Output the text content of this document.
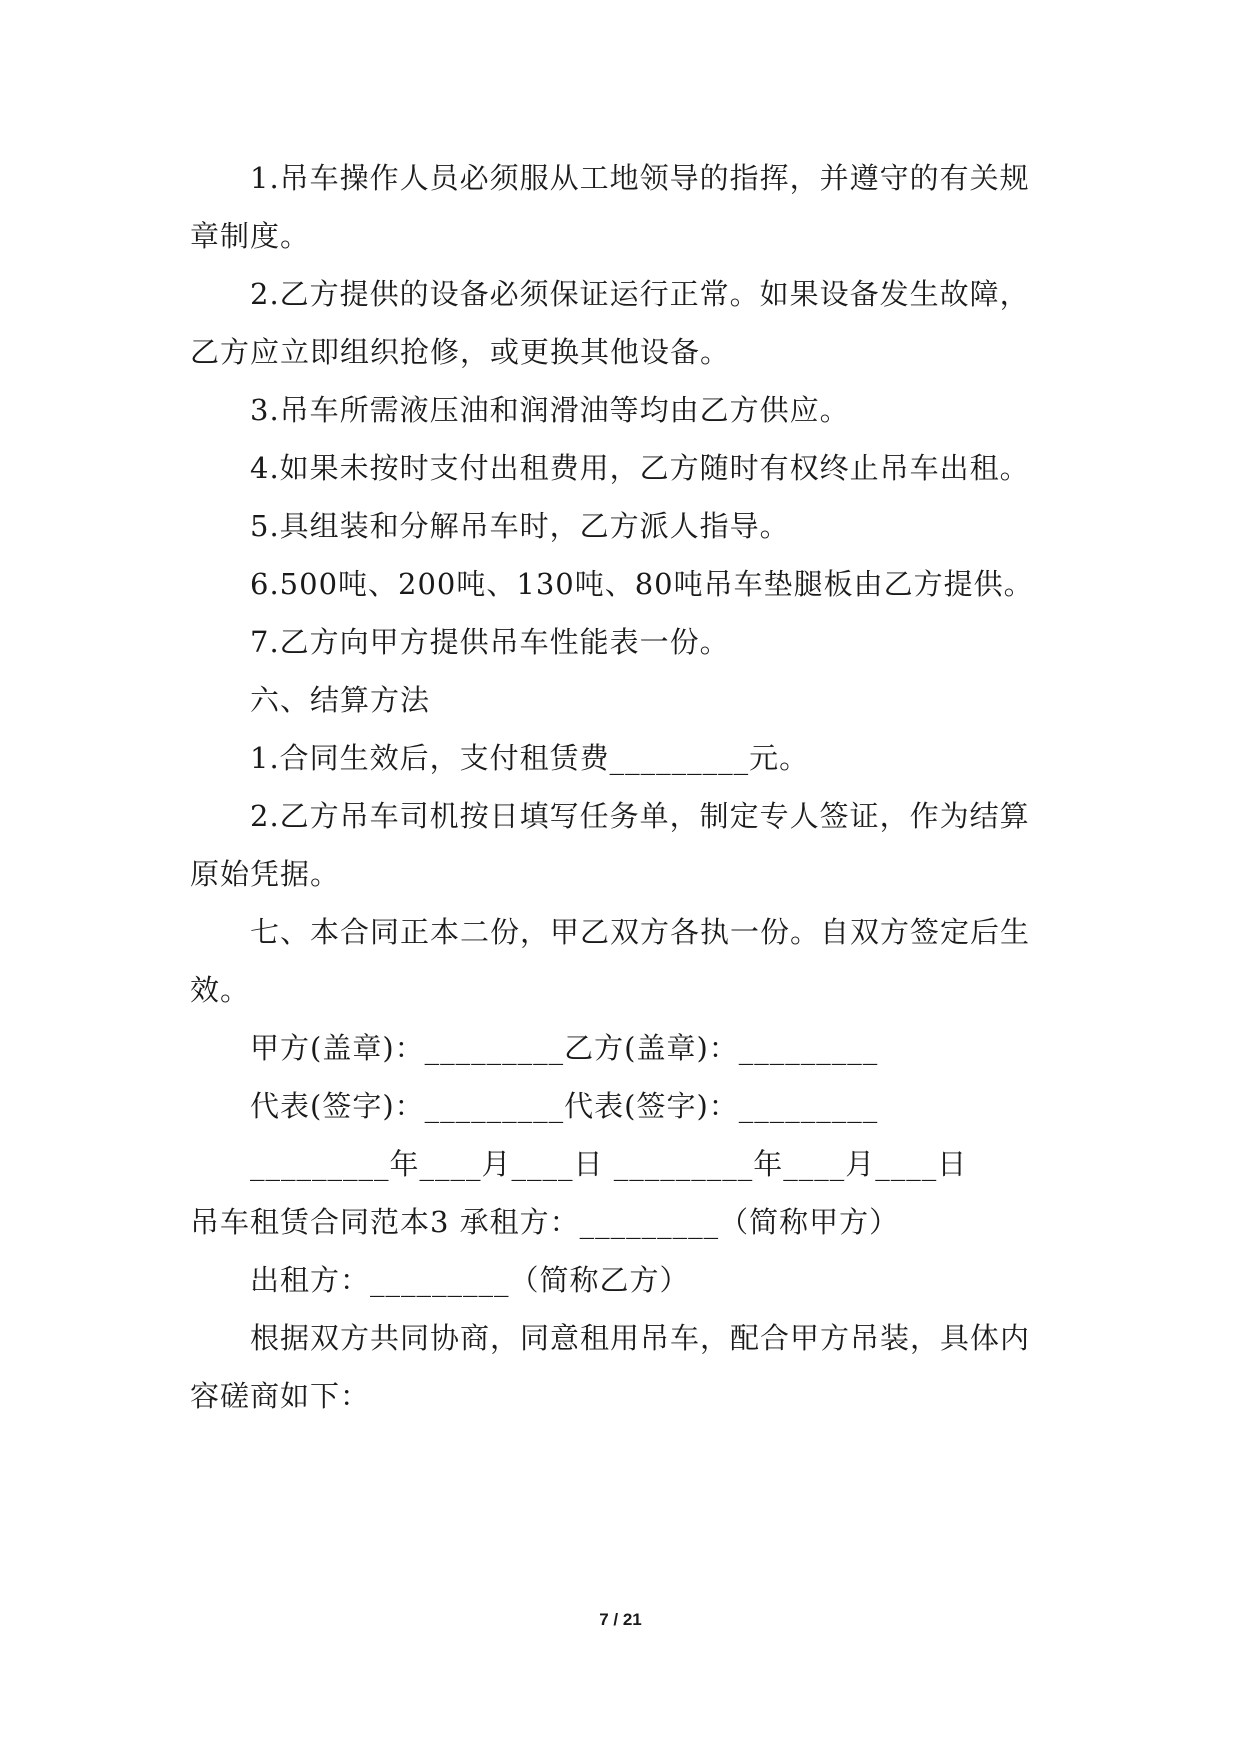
1.吊车操作人员必须服从工地领导的指挥，并遵守的有关规
章制度。
2.乙方提供的设备必须保证运行正常。如果设备发生故障，
乙方应立即组织抢修，或更换其他设备。
3.吊车所需液压油和润滑油等均由乙方供应。
4.如果未按时支付出租费用，乙方随时有权终止吊车出租。
5.具组装和分解吊车时，乙方派人指导。
6.500吨、200吨、130吨、80吨吊车垫腿板由乙方提供。
7.乙方向甲方提供吊车性能表一份。
六、结算方法
1.合同生效后，支付租赁费_________元。
2.乙方吊车司机按日填写任务单，制定专人签证，作为结算
原始凭据。
七、本合同正本二份，甲乙双方各执一份。自双方签定后生
效。
甲方(盖章)：_________乙方(盖章)：_________
代表(签字)：_________代表(签字)：_________
_________年____月____日 _________年____月____日
吊车租赁合同范本3 承租方：_________（简称甲方）
出租方：_________（简称乙方）
根据双方共同协商，同意租用吊车，配合甲方吊装，具体内
容磋商如下：
7 / 21
